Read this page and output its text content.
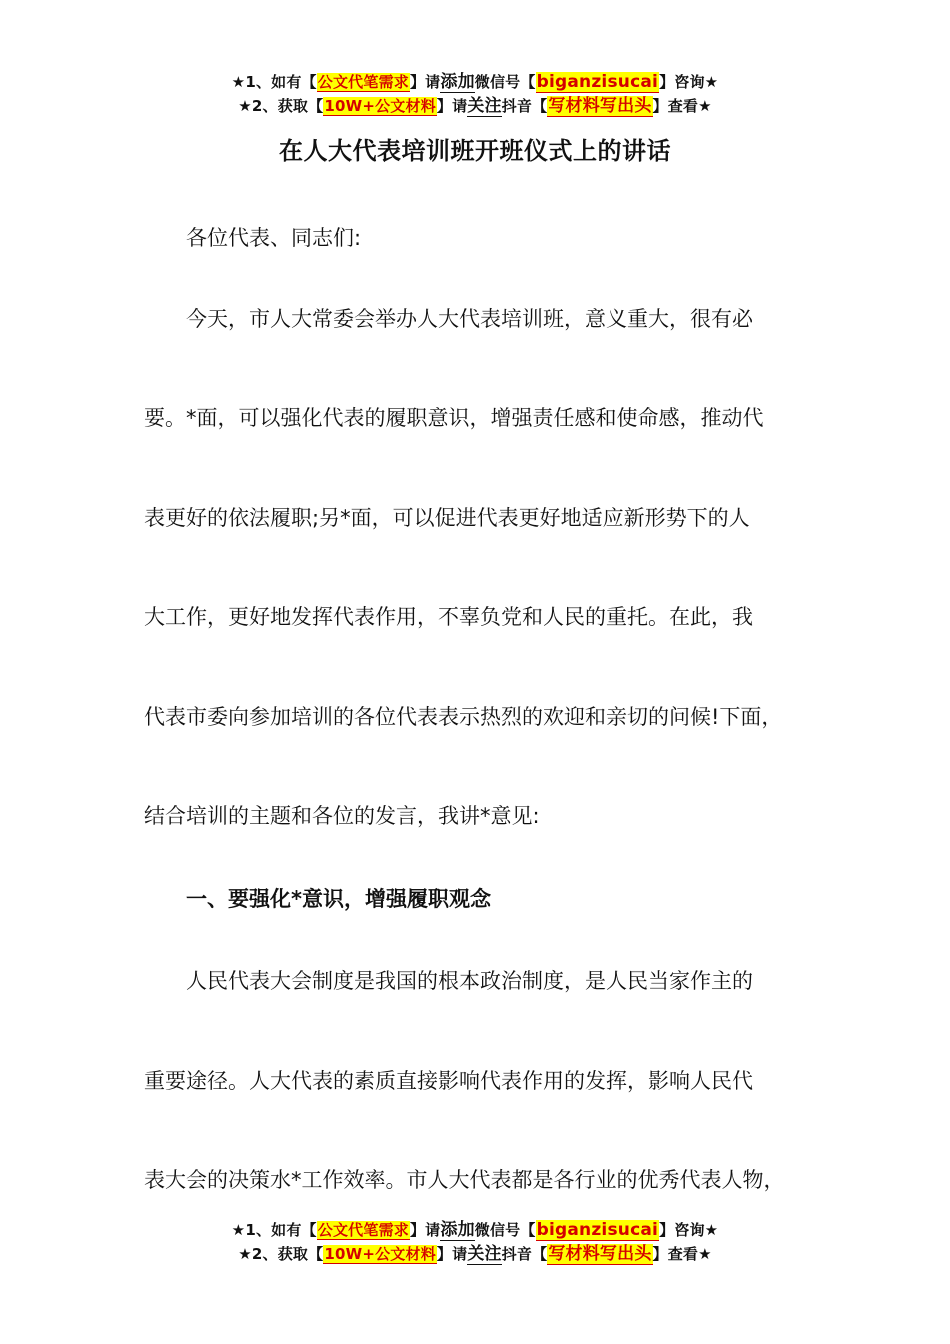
★1、如有【公文代笔需求】请添加微信号【biganzisucai】咨询★
★2、获取【10W+公文材料】请关注抖音【写材料写出头】查看★
在人大代表培训班开班仪式上的讲话
各位代表、同志们:
今天，市人大常委会举办人大代表培训班，意义重大，很有必
要。*面，可以强化代表的履职意识，增强责任感和使命感，推动代
表更好的依法履职;另*面，可以促进代表更好地适应新形势下的人
大工作，更好地发挥代表作用，不辜负党和人民的重托。在此，我
代表市委向参加培训的各位代表表示热烈的欢迎和亲切的问候!下面，
结合培训的主题和各位的发言，我讲*意见:
一、要强化*意识，增强履职观念
人民代表大会制度是我国的根本政治制度，是人民当家作主的
重要途径。人大代表的素质直接影响代表作用的发挥，影响人民代
表大会的决策水*工作效率。市人大代表都是各行业的优秀代表人物，
★1、如有【公文代笔需求】请添加微信号【biganzisucai】咨询★
★2、获取【10W+公文材料】请关注抖音【写材料写出头】查看★
